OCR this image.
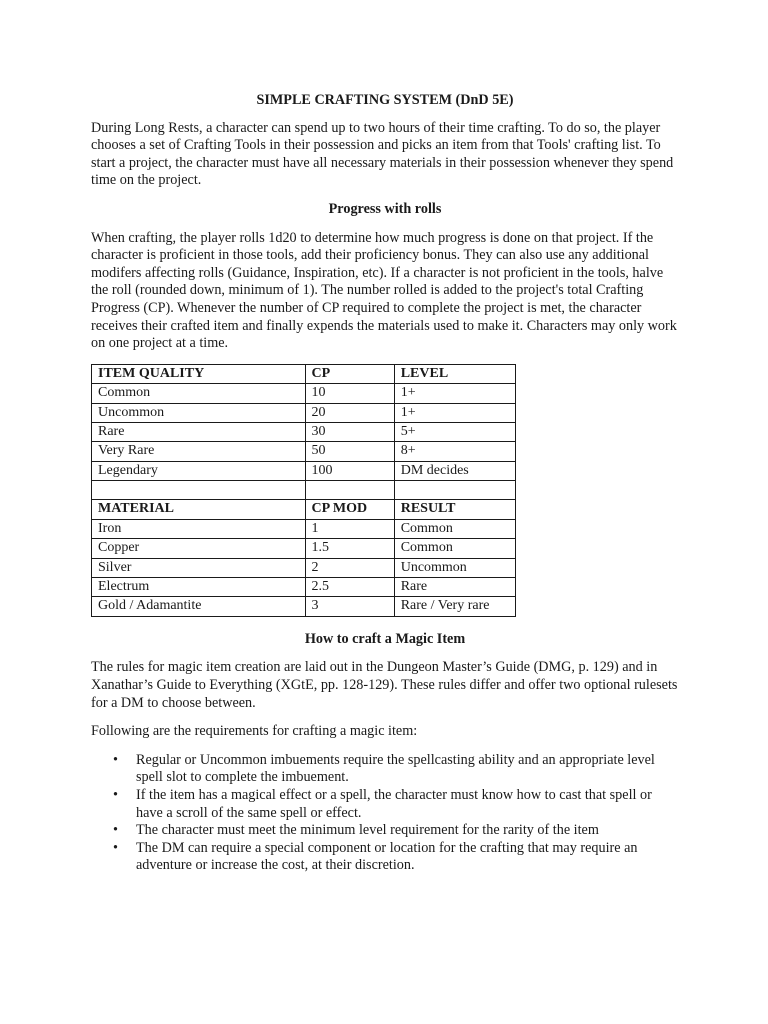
SIMPLE CRAFTING SYSTEM (DnD 5E)

During Long Rests, a character can spend up to two hours of their time crafting. To do so, the player chooses a set of Crafting Tools in their possession and picks an item from that Tools' crafting list. To start a project, the character must have all necessary materials in their possession whenever they spend time on the project.

Progress with rolls

When crafting, the player rolls 1d20 to determine how much progress is done on that project. If the character is proficient in those tools, add their proficiency bonus. They can also use any additional modifers affecting rolls (Guidance, Inspiration, etc). If a character is not proficient in the tools, halve the roll (rounded down, minimum of 1). The number rolled is added to the project's total Crafting Progress (CP). Whenever the number of CP required to complete the project is met, the character receives their crafted item and finally expends the materials used to make it. Characters may only work on one project at a time.

ITEM QUALITY	CP	LEVEL
Common	10	1+
Uncommon	20	1+
Rare	30	5+
Very Rare	50	8+
Legendary	100	DM decides

MATERIAL	CP MOD	RESULT
Iron	1	Common
Copper	1.5	Common
Silver	2	Uncommon
Electrum	2.5	Rare
Gold / Adamantite	3	Rare / Very rare
How to craft a Magic Item

The rules for magic item creation are laid out in the Dungeon Master’s Guide (DMG, p. 129) and in Xanathar’s Guide to Everything (XGtE, pp. 128-129). These rules differ and offer two optional rulesets for a DM to choose between.

Following are the requirements for crafting a magic item:

• Regular or Uncommon imbuements require the spellcasting ability and an appropriate level spell slot to complete the imbuement.
• If the item has a magical effect or a spell, the character must know how to cast that spell or have a scroll of the same spell or effect.
• The character must meet the minimum level requirement for the rarity of the item
• The DM can require a special component or location for the crafting that may require an adventure or increase the cost, at their discretion.
